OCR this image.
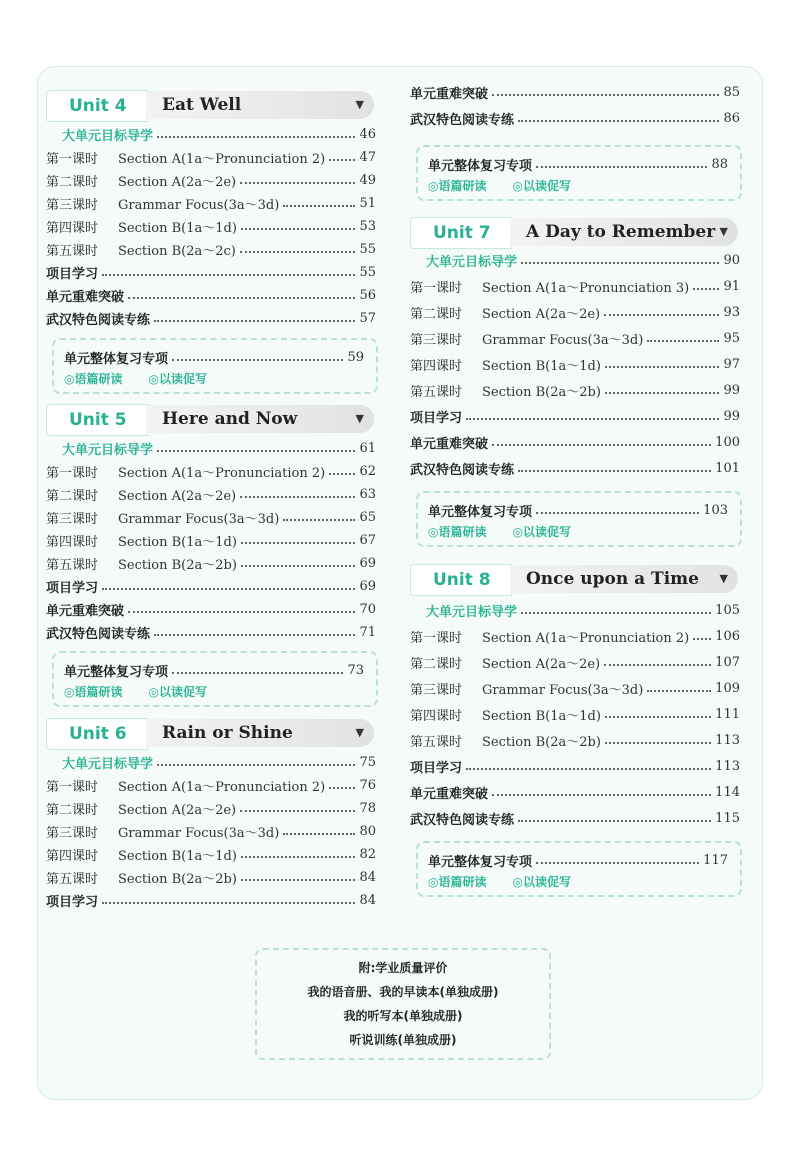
Unit 4	Eat Well	▼
大单元目标导学	46
第一课时	Section A(1a～Pronunciation 2)	47
第二课时	Section A(2a～2e)	49
第三课时	Grammar Focus(3a～3d)	51
第四课时	Section B(1a～1d)	53
第五课时	Section B(2a～2c)	55
项目学习	55
单元重难突破	56
武汉特色阅读专练	57
单元整体复习专项	59
◎语篇研读 ◎以读促写
Unit 5	Here and Now	▼
大单元目标导学	61
第一课时	Section A(1a～Pronunciation 2)	62
第二课时	Section A(2a～2e)	63
第三课时	Grammar Focus(3a～3d)	65
第四课时	Section B(1a～1d)	67
第五课时	Section B(2a～2b)	69
项目学习	69
单元重难突破	70
武汉特色阅读专练	71
单元整体复习专项	73
◎语篇研读 ◎以读促写
Unit 6	Rain or Shine	▼
大单元目标导学	75
第一课时	Section A(1a～Pronunciation 2)	76
第二课时	Section A(2a～2e)	78
第三课时	Grammar Focus(3a～3d)	80
第四课时	Section B(1a～1d)	82
第五课时	Section B(2a～2b)	84
项目学习	84
单元重难突破	85
武汉特色阅读专练	86
单元整体复习专项	88
◎语篇研读 ◎以读促写
Unit 7	A Day to Remember ▼
大单元目标导学	90
第一课时	Section A(1a～Pronunciation 3)	91
第二课时	Section A(2a～2e)	93
第三课时	Grammar Focus(3a～3d)	95
第四课时	Section B(1a～1d)	97
第五课时	Section B(2a～2b)	99
项目学习	99
单元重难突破	100
武汉特色阅读专练	101
单元整体复习专项	103
◎语篇研读 ◎以读促写
Unit 8	Once upon a Time ▼
大单元目标导学	105
第一课时	Section A(1a～Pronunciation 2) 106
第二课时	Section A(2a～2e)	107
第三课时	Grammar Focus(3a～3d)	109
第四课时	Section B(1a～1d)	111
第五课时	Section B(2a～2b)	113
项目学习	113
单元重难突破	114
武汉特色阅读专练	115
单元整体复习专项	117
◎语篇研读 ◎以读促写
附:学业质量评价
我的语音册、我的早读本(单独成册)
我的听写本(单独成册)
听说训练(单独成册)
